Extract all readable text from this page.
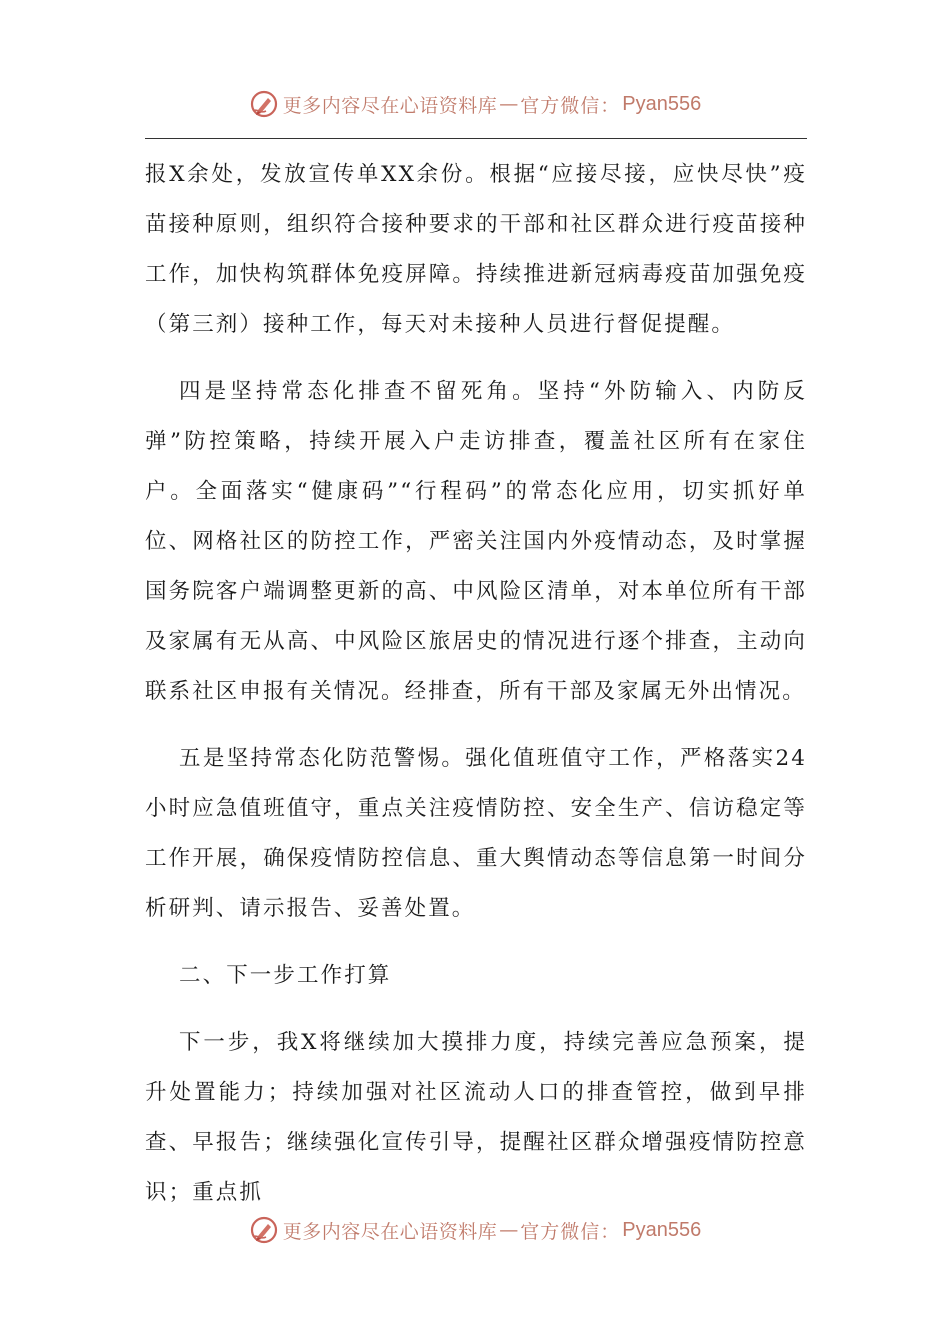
更多内容尽在心语资料库 — 官方微信： Pyan556

报X余处，发放宣传单XX余份。根据“应接尽接，应快尽快”疫苗接种原则，组织符合接种要求的干部和社区群众进行疫苗接种工作，加快构筑群体免疫屏障。持续推进新冠病毒疫苗加强免疫（第三剂）接种工作，每天对未接种人员进行督促提醒。

四是坚持常态化排查不留死角。坚持“外防输入、内防反弹”防控策略，持续开展入户走访排查，覆盖社区所有在家住户。全面落实“健康码”“行程码”的常态化应用，切实抓好单位、网格社区的防控工作，严密关注国内外疫情动态，及时掌握国务院客户端调整更新的高、中风险区清单，对本单位所有干部及家属有无从高、中风险区旅居史的情况进行逐个排查，主动向联系社区申报有关情况。经排查，所有干部及家属无外出情况。

五是坚持常态化防范警惕。强化值班值守工作，严格落实24小时应急值班值守，重点关注疫情防控、安全生产、信访稳定等工作开展，确保疫情防控信息、重大舆情动态等信息第一时间分析研判、请示报告、妥善处置。

二、下一步工作打算

下一步，我X将继续加大摸排力度，持续完善应急预案，提升处置能力；持续加强对社区流动人口的排查管控，做到早排查、早报告；继续强化宣传引导，提醒社区群众增强疫情防控意识；重点抓

更多内容尽在心语资料库 — 官方微信： Pyan556
